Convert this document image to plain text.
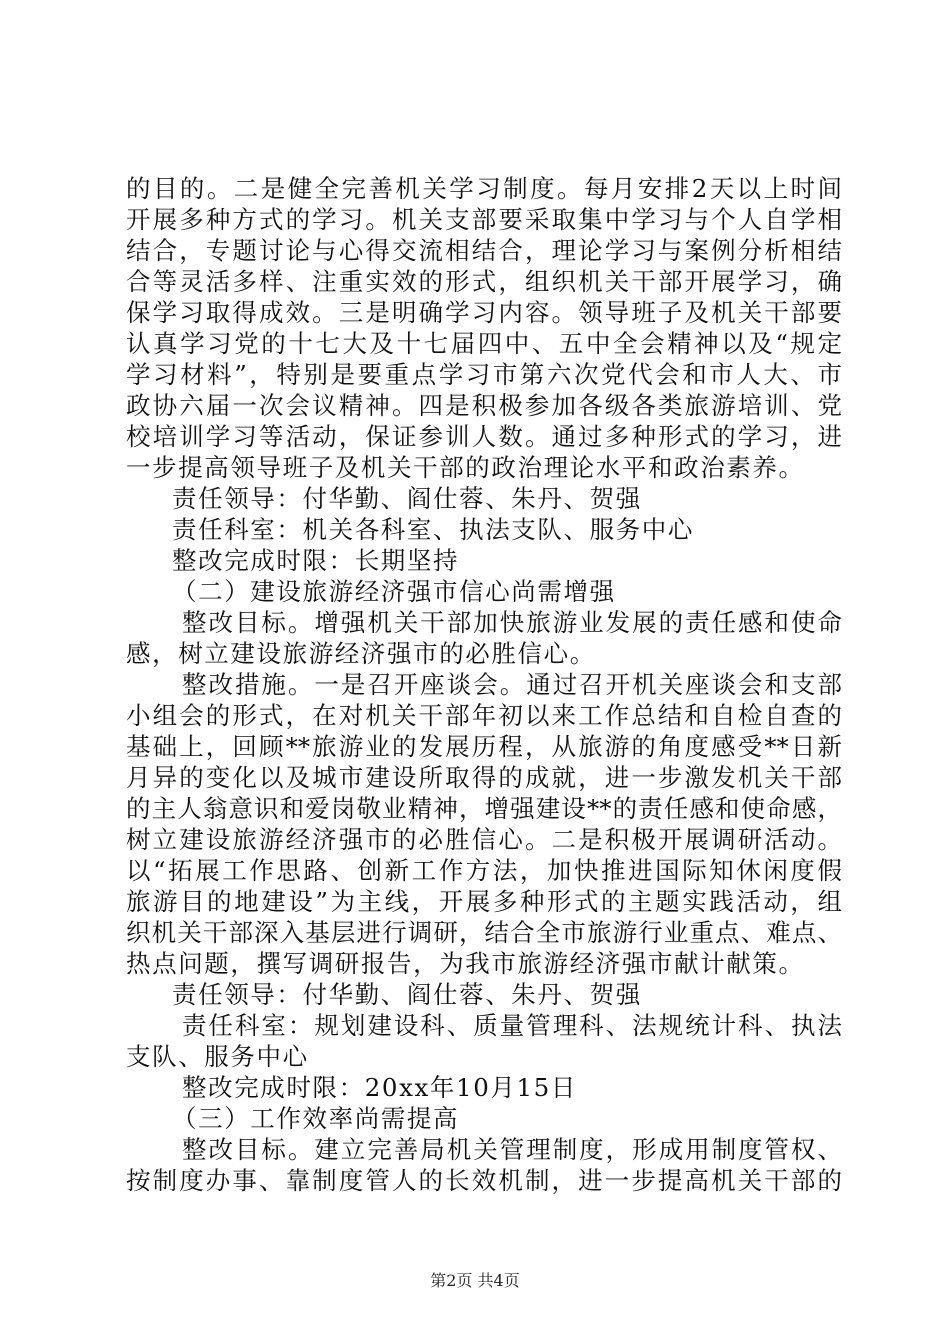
的目的。二是健全完善机关学习制度。每月安排2天以上时间
开展多种方式的学习。机关支部要采取集中学习与个人自学相
结合，专题讨论与心得交流相结合，理论学习与案例分析相结
合等灵活多样、注重实效的形式，组织机关干部开展学习，确
保学习取得成效。三是明确学习内容。领导班子及机关干部要
认真学习党的十七大及十七届四中、五中全会精神以及“规定
学习材料”，特别是要重点学习市第六次党代会和市人大、市
政协六届一次会议精神。四是积极参加各级各类旅游培训、党
校培训学习等活动，保证参训人数。通过多种形式的学习，进
一步提高领导班子及机关干部的政治理论水平和政治素养。
责任领导：付华勤、阎仕蓉、朱丹、贺强
责任科室：机关各科室、执法支队、服务中心
整改完成时限：长期坚持
（二）建设旅游经济强市信心尚需增强
整改目标。增强机关干部加快旅游业发展的责任感和使命
感，树立建设旅游经济强市的必胜信心。
整改措施。一是召开座谈会。通过召开机关座谈会和支部
小组会的形式，在对机关干部年初以来工作总结和自检自查的
基础上，回顾**旅游业的发展历程，从旅游的角度感受**日新
月异的变化以及城市建设所取得的成就，进一步激发机关干部
的主人翁意识和爱岗敬业精神，增强建设**的责任感和使命感，
树立建设旅游经济强市的必胜信心。二是积极开展调研活动。
以“拓展工作思路、创新工作方法，加快推进国际知休闲度假
旅游目的地建设”为主线，开展多种形式的主题实践活动，组
织机关干部深入基层进行调研，结合全市旅游行业重点、难点、
热点问题，撰写调研报告，为我市旅游经济强市献计献策。
责任领导：付华勤、阎仕蓉、朱丹、贺强
责任科室：规划建设科、质量管理科、法规统计科、执法
支队、服务中心
整改完成时限：20xx年10月15日
（三）工作效率尚需提高
整改目标。建立完善局机关管理制度，形成用制度管权、
按制度办事、靠制度管人的长效机制，进一步提高机关干部的
第2页 共4页
